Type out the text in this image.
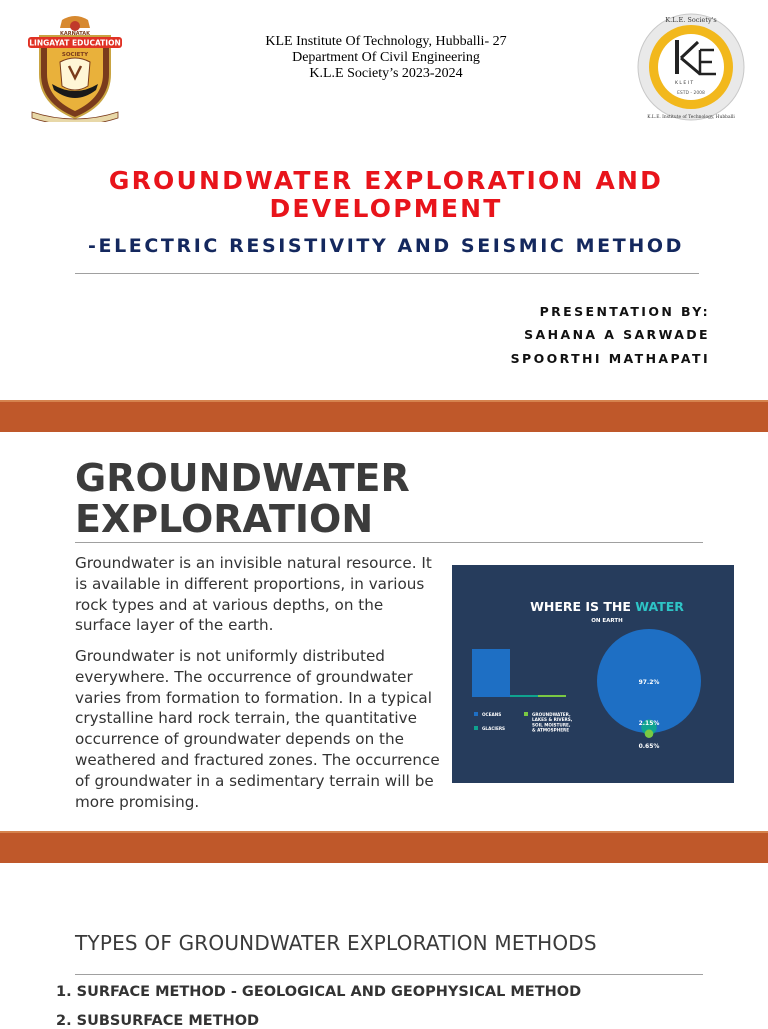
LINGAYAT EDUCATION
KARNATAK
SOCIETY
KLE Institute Of Technology, Hubballi- 27
Department Of Civil Engineering
K.L.E Society’s 2023-2024
K.L.E. Society's
K.L.E. Institute of Technology, Hubballi
K L E I T
ESTD - 2008
GROUNDWATER EXPLORATION AND DEVELOPMENT
-ELECTRIC RESISTIVITY AND SEISMIC METHOD
PRESENTATION BY:
SAHANA A SARWADE
SPOORTHI MATHAPATI
GROUNDWATER
EXPLORATION
Groundwater is an invisible natural resource. It is available in different proportions, in various rock types and at various depths, on the surface layer of the earth.
Groundwater is not uniformly distributed everywhere. The occurrence of groundwater varies from formation to formation. In a typical crystalline hard rock terrain, the quantitative occurrence of groundwater depends on the weathered and fractured zones. The occurrence of groundwater in a sedimentary terrain will be more promising.
WHERE IS THE WATER
ON EARTH
97.2%
2.15%
0.65%
OCEANS
GLACIERS
GROUNDWATER,
LAKES & RIVERS,
SOIL MOISTURE,
& ATMOSPHERE
TYPES OF GROUNDWATER EXPLORATION METHODS
1. SURFACE METHOD - GEOLOGICAL AND GEOPHYSICAL METHOD
2. SUBSURFACE METHOD
